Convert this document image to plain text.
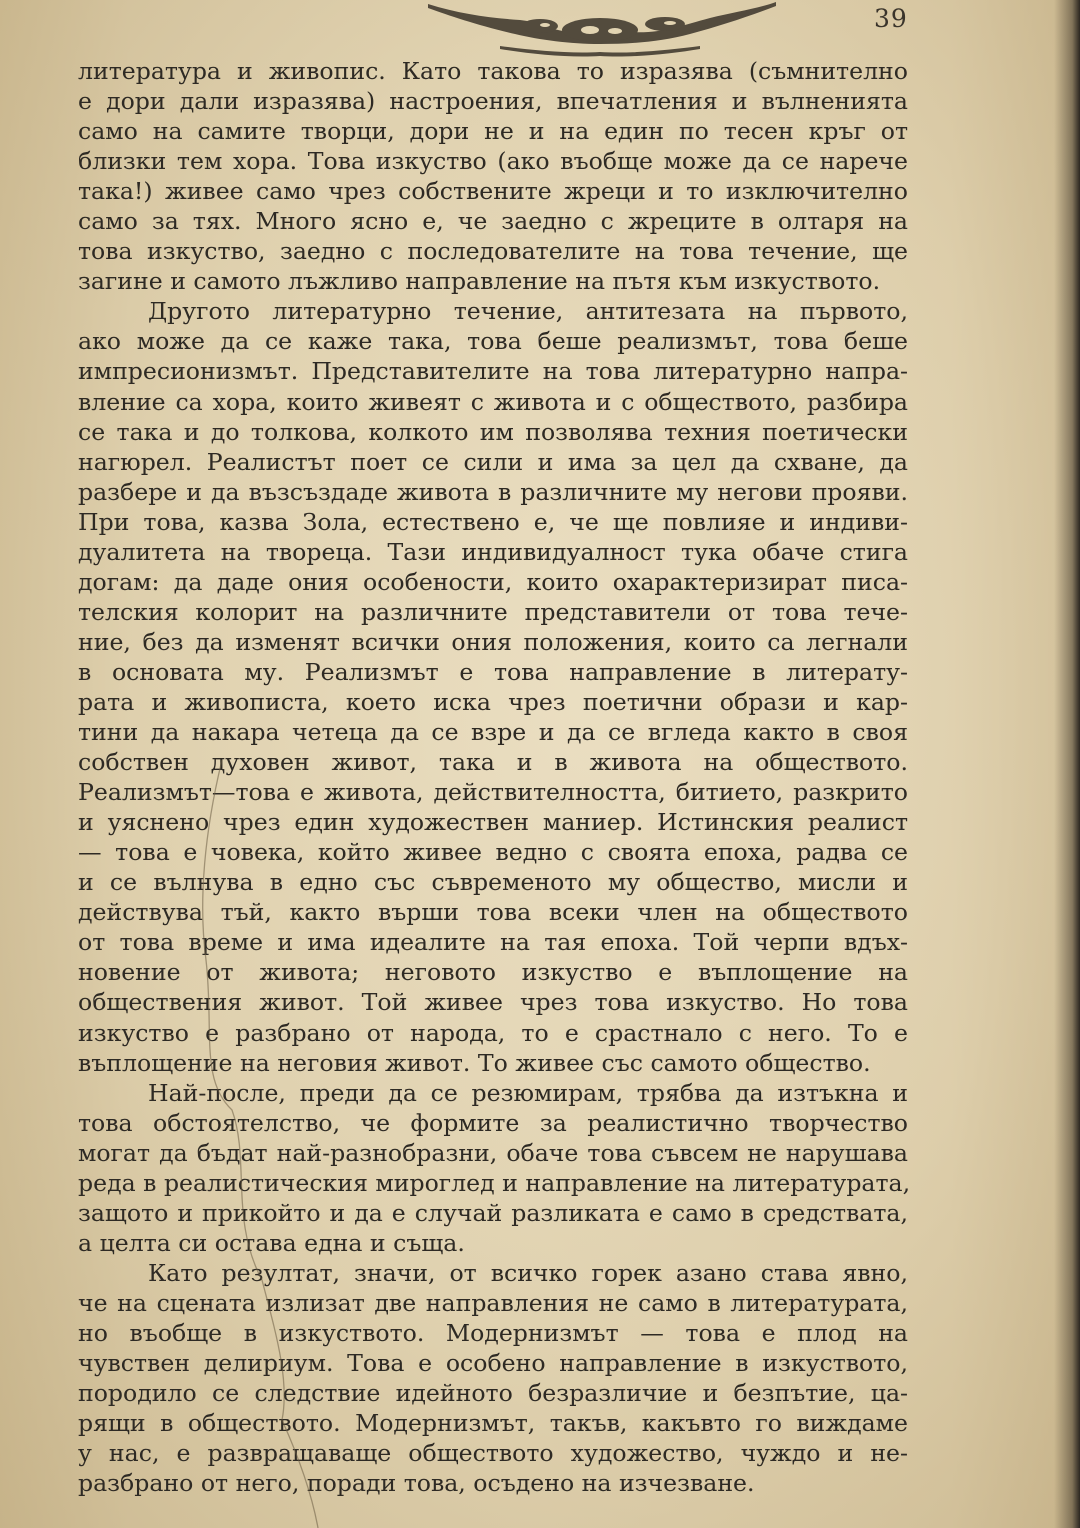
39
литература и живопис. Като такова то изразява (съмнително
е дори дали изразява) настроения, впечатления и вълненията
само на самите творци, дори не и на един по тесен кръг от
близки тем хора. Това изкуство (ако въобще може да се нарече
така!) живее само чрез собствените жреци и то изключително
само за тях. Много ясно е, че заедно с жреците в олтаря на
това изкуство, заедно с последователите на това течение, ще
загине и самото лъжливо направление на пътя към изкуството.
Другото литературно течение, антитезата на първото,
ако може да се каже така, това беше реализмът, това беше
импресионизмът. Представителите на това литературно напра-
вление са хора, които живеят с живота и с обществото, разбира
се така и до толкова, колкото им позволява техния поетически
нагюрел. Реалистът поет се сили и има за цел да схване, да
разбере и да възсъздаде живота в различните му негови прояви.
При това, казва Зола, естествено е, че ще повлияе и индиви-
дуалитета на твореца. Тази индивидуалност тука обаче стига
догам: да даде ония особености, които охарактеризират писа-
телския колорит на различните представители от това тече-
ние, без да изменят всички ония положения, които са легнали
в основата му. Реализмът е това направление в литерату-
рата и живописта, което иска чрез поетични образи и кар-
тини да накара четеца да се взре и да се вгледа както в своя
собствен духовен живот, така и в живота на обществото.
Реализмът—това е живота, действителността, битието, разкрито
и уяснено чрез един художествен маниер. Истинския реалист
— това е човека, който живее ведно с своята епоха, радва се
и се вълнува в едно със съвременото му общество, мисли и
действува тъй, както върши това всеки член на обществото
от това време и има идеалите на тая епоха. Той черпи вдъх-
новение от живота; неговото изкуство е въплощение на
обществения живот. Той живее чрез това изкуство. Но това
изкуство е разбрано от народа, то е срастнало с него. То е
въплощение на неговия живот. То живее със самото общество.
Най-после, преди да се резюмирам, трябва да изтъкна и
това обстоятелство, че формите за реалистично творчество
могат да бъдат най-разнобразни, обаче това съвсем не нарушава
реда в реалистическия мироглед и направление на литературата,
защото и прикойто и да е случай разликата е само в средствата,
а целта си остава една и съща.
Като резултат, значи, от всичко горек азано става явно,
че на сцената излизат две направления не само в литературата,
но въобще в изкуството. Модернизмът — това е плод на
чувствен делириум. Това е особено направление в изкуството,
породило се следствие идейното безразличие и безпътие, ца-
рящи в обществото. Модернизмът, такъв, какъвто го виждаме
у нас, е развращаваще обществото художество, чуждо и не-
разбрано от него, поради това, осъдено на изчезване.
